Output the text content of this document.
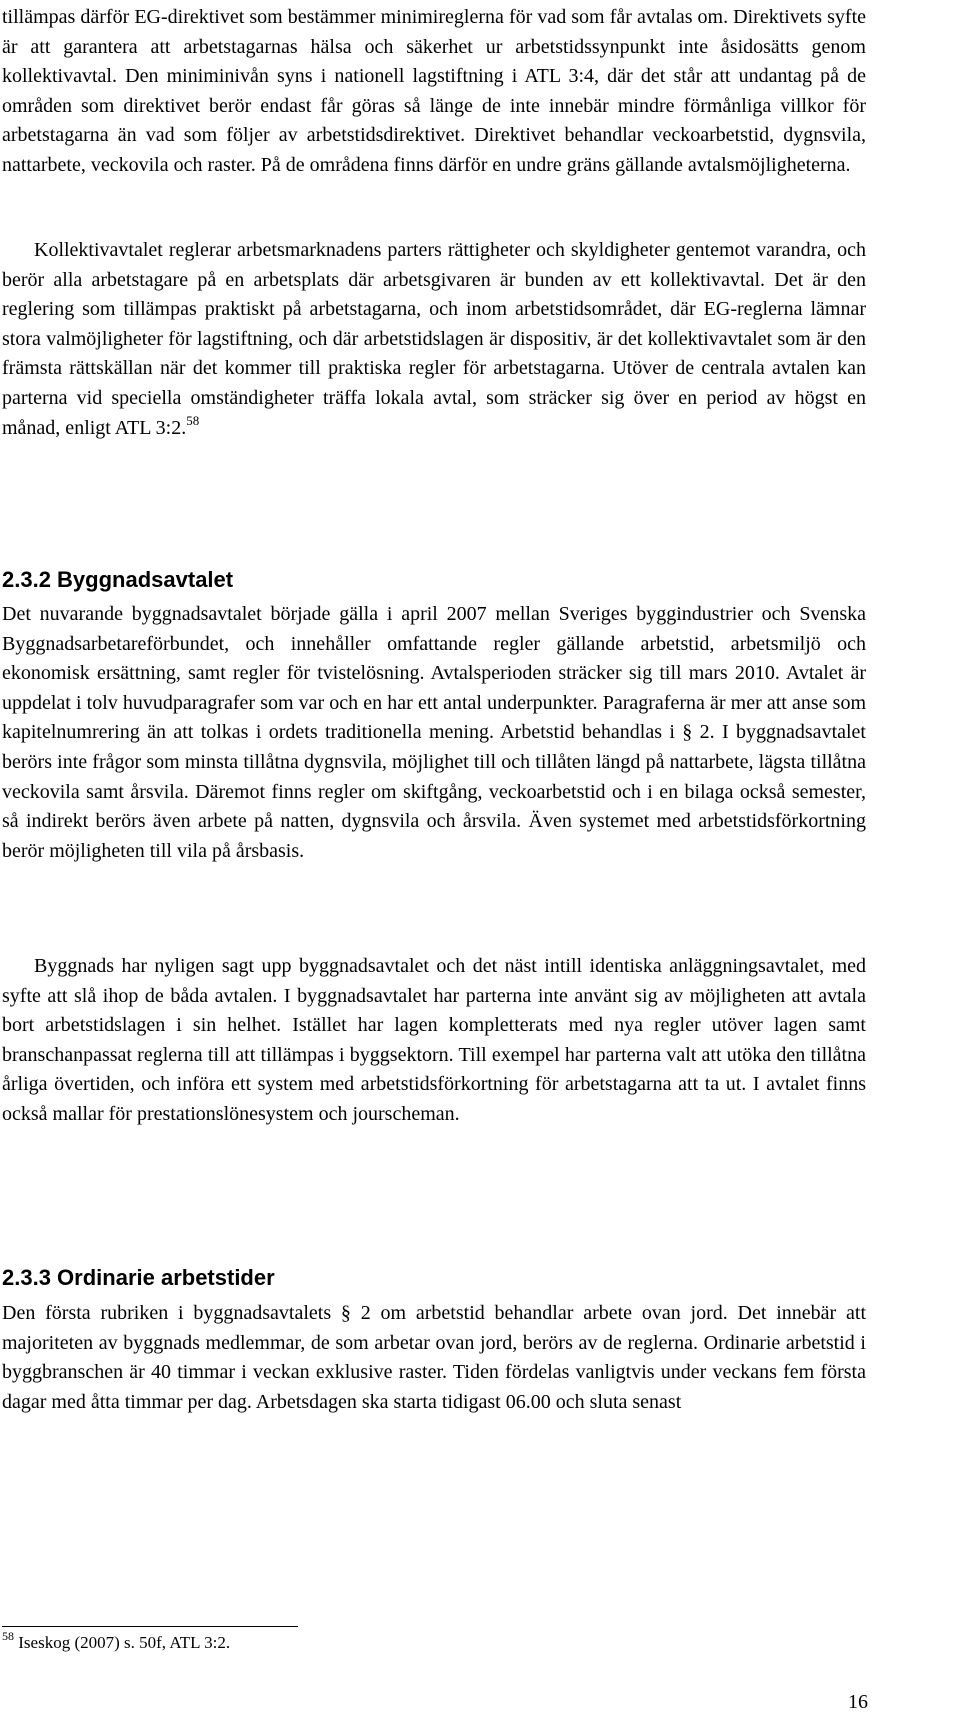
tillämpas därför EG-direktivet som bestämmer minimireglerna för vad som får avtalas om. Direktivets syfte är att garantera att arbetstagarnas hälsa och säkerhet ur arbetstidssynpunkt inte åsidosätts genom kollektivavtal. Den miniminivån syns i nationell lagstiftning i ATL 3:4, där det står att undantag på de områden som direktivet berör endast får göras så länge de inte innebär mindre förmånliga villkor för arbetstagarna än vad som följer av arbetstidsdirektivet. Direktivet behandlar veckoarbetstid, dygnsvila, nattarbete, veckovila och raster. På de områdena finns därför en undre gräns gällande avtalsmöjligheterna.

Kollektivavtalet reglerar arbetsmarknadens parters rättigheter och skyldigheter gentemot varandra, och berör alla arbetstagare på en arbetsplats där arbetsgivaren är bunden av ett kollektivavtal. Det är den reglering som tillämpas praktiskt på arbetstagarna, och inom arbetstidsområdet, där EG-reglerna lämnar stora valmöjligheter för lagstiftning, och där arbetstidslagen är dispositiv, är det kollektivavtalet som är den främsta rättskällan när det kommer till praktiska regler för arbetstagarna. Utöver de centrala avtalen kan parterna vid speciella omständigheter träffa lokala avtal, som sträcker sig över en period av högst en månad, enligt ATL 3:2.58

2.3.2 Byggnadsavtalet

Det nuvarande byggnadsavtalet började gälla i april 2007 mellan Sveriges byggindustrier och Svenska Byggnadsarbetareförbundet, och innehåller omfattande regler gällande arbetstid, arbetsmiljö och ekonomisk ersättning, samt regler för tvistelösning. Avtalsperioden sträcker sig till mars 2010. Avtalet är uppdelat i tolv huvudparagrafer som var och en har ett antal underpunkter. Paragraferna är mer att anse som kapitelnumrering än att tolkas i ordets traditionella mening. Arbetstid behandlas i § 2. I byggnadsavtalet berörs inte frågor som minsta tillåtna dygnsvila, möjlighet till och tillåten längd på nattarbete, lägsta tillåtna veckovila samt årsvila. Däremot finns regler om skiftgång, veckoarbetstid och i en bilaga också semester, så indirekt berörs även arbete på natten, dygnsvila och årsvila. Även systemet med arbetstidsförkortning berör möjligheten till vila på årsbasis.

Byggnads har nyligen sagt upp byggnadsavtalet och det näst intill identiska anläggningsavtalet, med syfte att slå ihop de båda avtalen. I byggnadsavtalet har parterna inte använt sig av möjligheten att avtala bort arbetstidslagen i sin helhet. Istället har lagen kompletterats med nya regler utöver lagen samt branschanpassat reglerna till att tillämpas i byggsektorn. Till exempel har parterna valt att utöka den tillåtna årliga övertiden, och införa ett system med arbetstidsförkortning för arbetstagarna att ta ut. I avtalet finns också mallar för prestationslönesystem och jourscheman.

2.3.3 Ordinarie arbetstider

Den första rubriken i byggnadsavtalets § 2 om arbetstid behandlar arbete ovan jord. Det innebär att majoriteten av byggnads medlemmar, de som arbetar ovan jord, berörs av de reglerna. Ordinarie arbetstid i byggbranschen är 40 timmar i veckan exklusive raster. Tiden fördelas vanligtvis under veckans fem första dagar med åtta timmar per dag. Arbetsdagen ska starta tidigast 06.00 och sluta senast

$^{58}$ Iseskog (2007) s. 50f, ATL 3:2.

16
